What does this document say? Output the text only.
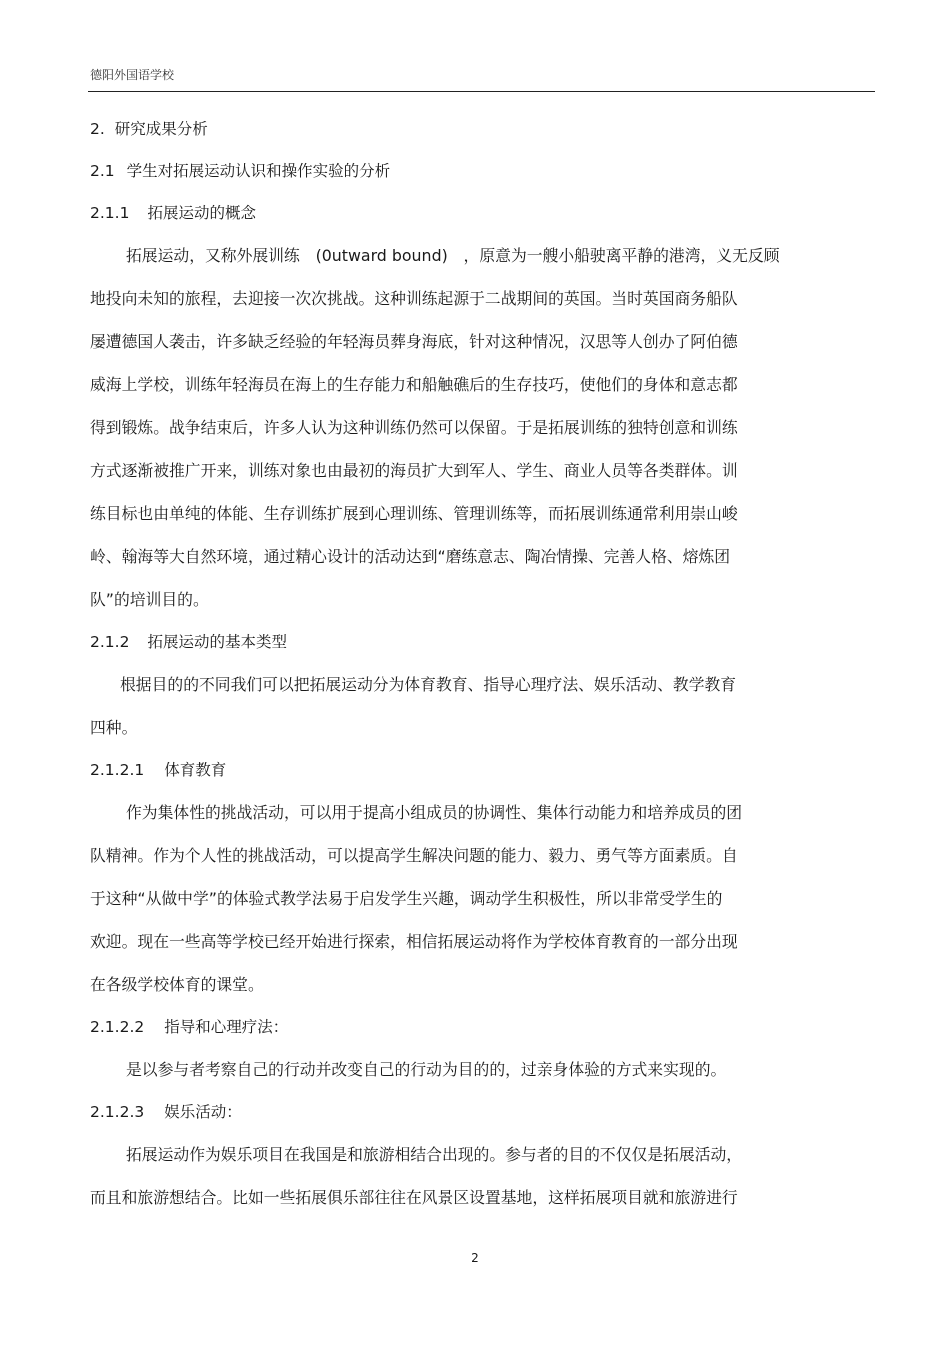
德阳外国语学校
2. 研究成果分析
2.1 学生对拓展运动认识和操作实验的分析
2.1.1 拓展运动的概念

拓展运动，又称外展训练　(0utward bound)　，原意为一艘小船驶离平静的港湾，义无反顾

地投向未知的旅程，去迎接一次次挑战。这种训练起源于二战期间的英国。当时英国商务船队

屡遭德国人袭击，许多缺乏经验的年轻海员葬身海底，针对这种情况，汉思等人创办了阿伯德

威海上学校，训练年轻海员在海上的生存能力和船触礁后的生存技巧，使他们的身体和意志都

得到锻炼。战争结束后，许多人认为这种训练仍然可以保留。于是拓展训练的独特创意和训练

方式逐渐被推广开来，训练对象也由最初的海员扩大到军人、学生、商业人员等各类群体。训

练目标也由单纯的体能、生存训练扩展到心理训练、管理训练等，而拓展训练通常利用崇山峻

岭、翰海等大自然环境，通过精心设计的活动达到“磨练意志、陶冶情操、完善人格、熔炼团

队”的培训目的。

2.1.2 拓展运动的基本类型

根据目的的不同我们可以把拓展运动分为体育教育、指导心理疗法、娱乐活动、教学教育

四种。

2.1.2.1 体育教育

作为集体性的挑战活动，可以用于提高小组成员的协调性、集体行动能力和培养成员的团

队精神。作为个人性的挑战活动，可以提高学生解决问题的能力、毅力、勇气等方面素质。自

于这种“从做中学”的体验式教学法易于启发学生兴趣，调动学生积极性，所以非常受学生的

欢迎。现在一些高等学校已经开始进行探索，相信拓展运动将作为学校体育教育的一部分出现

在各级学校体育的课堂。

2.1.2.2 指导和心理疗法：

是以参与者考察自己的行动并改变自己的行动为目的的，过亲身体验的方式来实现的。

2.1.2.3 娱乐活动：

拓展运动作为娱乐项目在我国是和旅游相结合出现的。参与者的目的不仅仅是拓展活动，

而且和旅游想结合。比如一些拓展俱乐部往往在风景区设置基地，这样拓展项目就和旅游进行

2
